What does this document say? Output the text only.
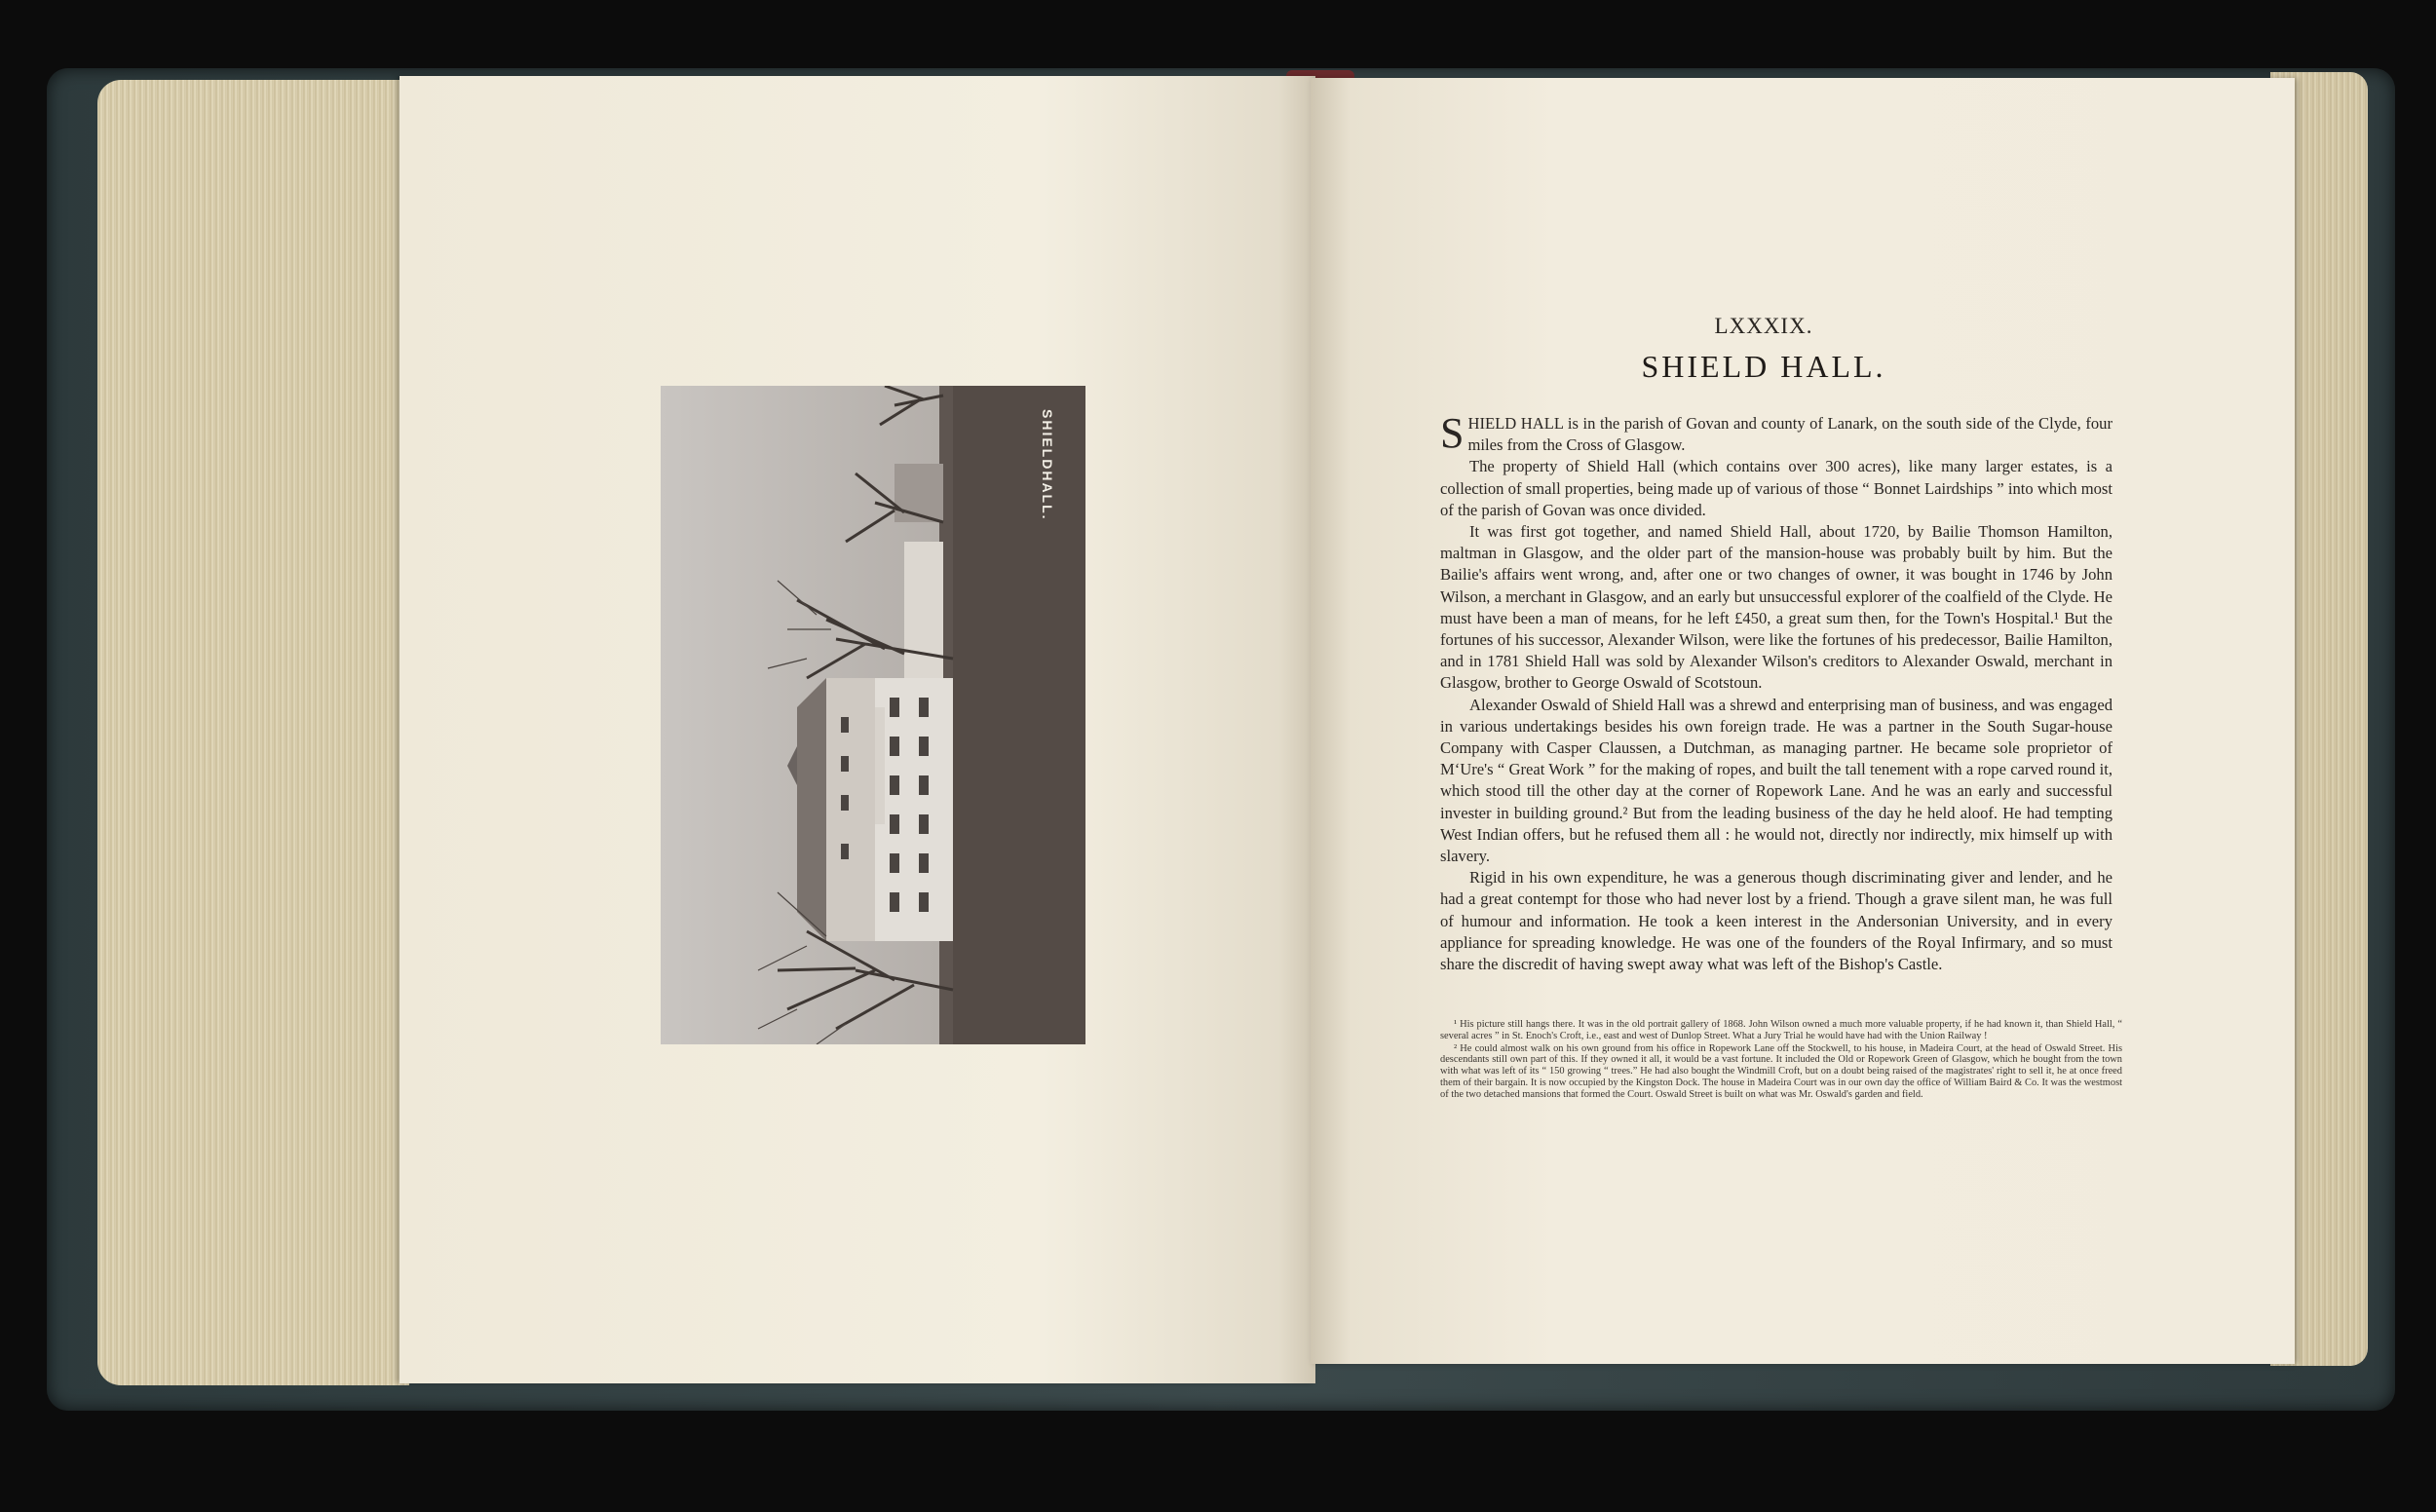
SHIELDHALL.
LXXXIX.
SHIELD HALL.

SHIELD HALL is in the parish of Govan and county of Lanark, on the south side of the Clyde, four miles from the Cross of Glasgow.

The property of Shield Hall (which contains over 300 acres), like many larger estates, is a collection of small properties, being made up of various of those “ Bonnet Lairdships ” into which most of the parish of Govan was once divided.

It was first got together, and named Shield Hall, about 1720, by Bailie Thomson Hamilton, maltman in Glasgow, and the older part of the mansion-house was probably built by him. But the Bailie's affairs went wrong, and, after one or two changes of owner, it was bought in 1746 by John Wilson, a merchant in Glasgow, and an early but unsuccessful explorer of the coalfield of the Clyde. He must have been a man of means, for he left £450, a great sum then, for the Town's Hospital.¹ But the fortunes of his successor, Alexander Wilson, were like the fortunes of his predecessor, Bailie Hamilton, and in 1781 Shield Hall was sold by Alexander Wilson's creditors to Alexander Oswald, merchant in Glasgow, brother to George Oswald of Scotstoun.

Alexander Oswald of Shield Hall was a shrewd and enterprising man of business, and was engaged in various undertakings besides his own foreign trade. He was a partner in the South Sugar-house Company with Casper Claussen, a Dutchman, as managing partner. He became sole proprietor of M‘Ure's “ Great Work ” for the making of ropes, and built the tall tenement with a rope carved round it, which stood till the other day at the corner of Ropework Lane. And he was an early and successful invester in building ground.² But from the leading business of the day he held aloof. He had tempting West Indian offers, but he refused them all : he would not, directly nor indirectly, mix himself up with slavery.

Rigid in his own expenditure, he was a generous though discriminating giver and lender, and he had a great contempt for those who had never lost by a friend. Though a grave silent man, he was full of humour and information. He took a keen interest in the Andersonian University, and in every appliance for spreading knowledge. He was one of the founders of the Royal Infirmary, and so must share the discredit of having swept away what was left of the Bishop's Castle.

¹ His picture still hangs there. It was in the old portrait gallery of 1868. John Wilson owned a much more valuable property, if he had known it, than Shield Hall, “ several acres ” in St. Enoch's Croft, i.e., east and west of Dunlop Street. What a Jury Trial he would have had with the Union Railway !

² He could almost walk on his own ground from his office in Ropework Lane off the Stockwell, to his house, in Madeira Court, at the head of Oswald Street. His descendants still own part of this. If they owned it all, it would be a vast fortune. It included the Old or Ropework Green of Glasgow, which he bought from the town with what was left of its “ 150 growing “ trees.” He had also bought the Windmill Croft, but on a doubt being raised of the magistrates' right to sell it, he at once freed them of their bargain. It is now occupied by the Kingston Dock. The house in Madeira Court was in our own day the office of William Baird & Co. It was the westmost of the two detached mansions that formed the Court. Oswald Street is built on what was Mr. Oswald's garden and field.
